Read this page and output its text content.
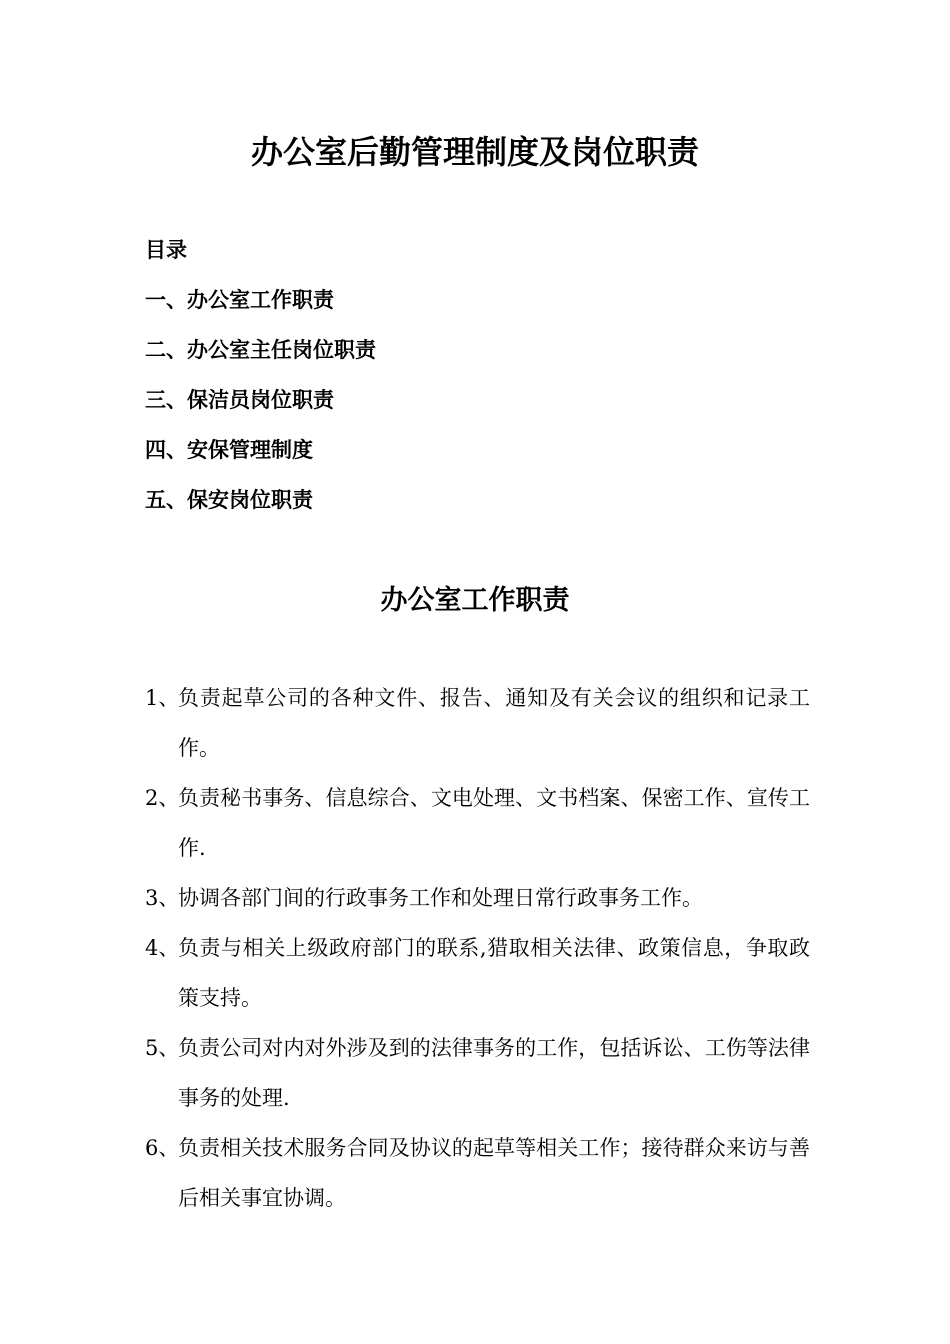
办公室后勤管理制度及岗位职责
目录
一、办公室工作职责
二、办公室主任岗位职责
三、保洁员岗位职责
四、安保管理制度
五、保安岗位职责
办公室工作职责
1、
负责起草公司的各种文件、报告、通知及有关会议的组织和记录工作。
2、
负责秘书事务、信息综合、文电处理、文书档案、保密工作、宣传工作.
3、
协调各部门间的行政事务工作和处理日常行政事务工作。
4、
负责与相关上级政府部门的联系,猎取相关法律、政策信息，争取政策支持。
5、
负责公司对内对外涉及到的法律事务的工作，包括诉讼、工伤等法律事务的处理.
6、
负责相关技术服务合同及协议的起草等相关工作；接待群众来访与善后相关事宜协调。
